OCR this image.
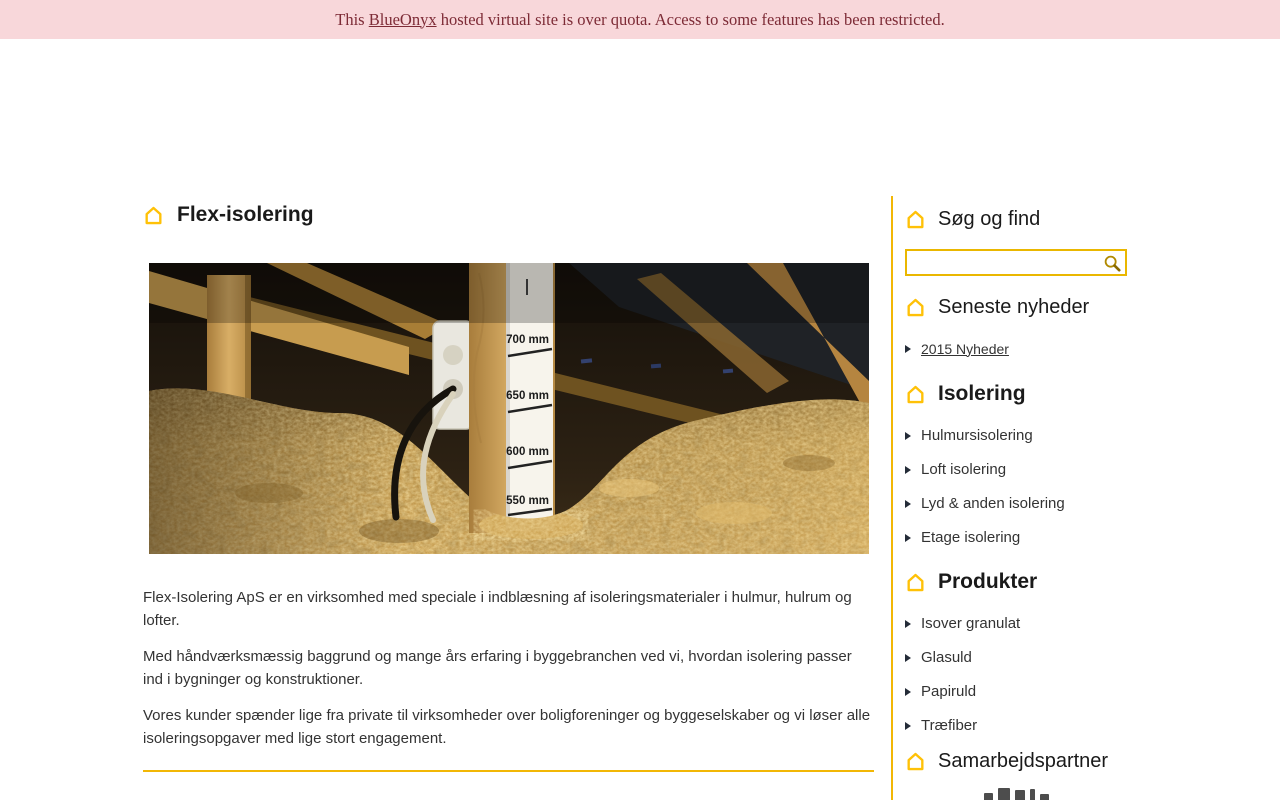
This BlueOnyx hosted virtual site is over quota. Access to some features has been restricted.
Flex-isolering
700 mm
650 mm
600 mm
550 mm

Flex-Isolering ApS er en virksomhed med speciale i indblæsning af isoleringsmaterialer i hulmur, hulrum og lofter.

Med håndværksmæssig baggrund og mange års erfaring i byggebranchen ved vi, hvordan isolering passer ind i bygninger og konstruktioner.

Vores kunder spænder lige fra private til virksomheder over boligforeninger og byggeselskaber og vi løser alle isoleringsopgaver med lige stort engagement.

Søg og find
Seneste nyheder
2015 Nyheder
Isolering
Hulmursisolering
Loft isolering
Lyd & anden isolering
Etage isolering
Produkter
Isover granulat
Glasuld
Papiruld
Træfiber
Samarbejdspartner
